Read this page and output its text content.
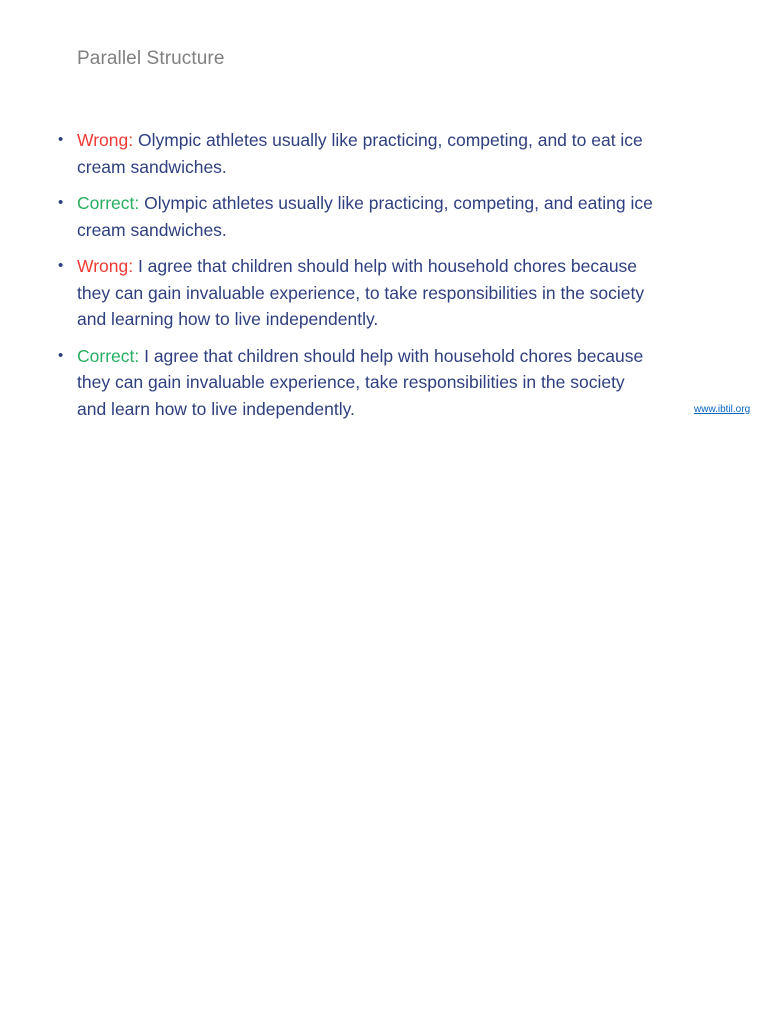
Parallel Structure
• Wrong: Olympic athletes usually like practicing, competing, and to eat ice cream sandwiches.
• Correct: Olympic athletes usually like practicing, competing, and eating ice cream sandwiches.
• Wrong: I agree that children should help with household chores because they can gain invaluable experience, to take responsibilities in the society and learning how to live independently.
• Correct: I agree that children should help with household chores because they can gain invaluable experience, take responsibilities in the society and learn how to live independently.	www.ibtil.org
